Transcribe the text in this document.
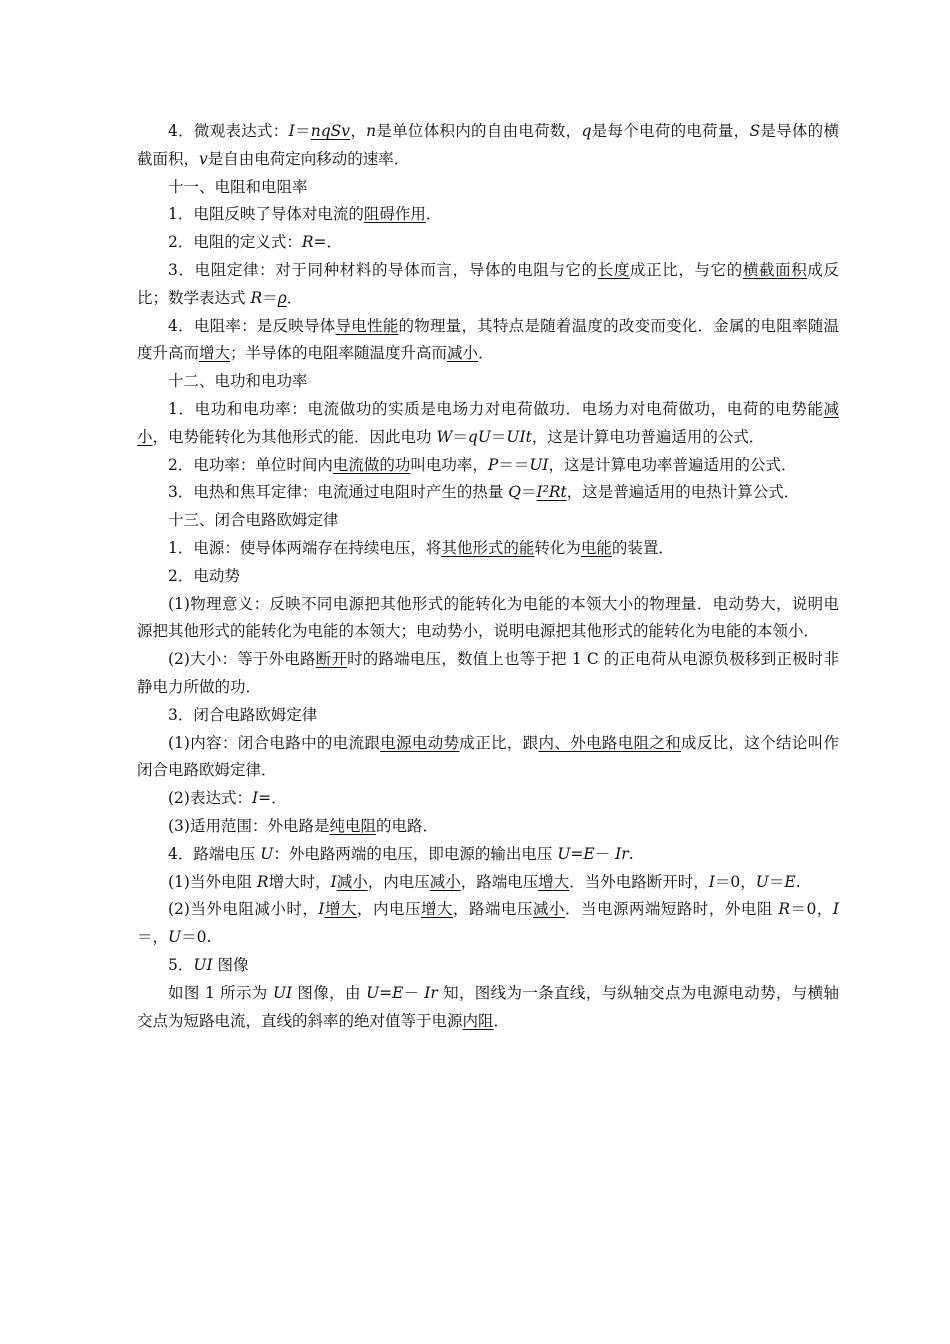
4．微观表达式：I＝nqSv，n是单位体积内的自由电荷数，q是每个电荷的电荷量，S是导体的横截面积，v是自由电荷定向移动的速率．

十一、电阻和电阻率

1．电阻反映了导体对电流的阻碍作用．

2．电阻的定义式：R=．

3．电阻定律：对于同种材料的导体而言，导体的电阻与它的长度成正比，与它的横截面积成反比；数学表达式 R＝ρ．

4．电阻率：是反映导体导电性能的物理量，其特点是随着温度的改变而变化．金属的电阻率随温度升高而增大；半导体的电阻率随温度升高而减小．

十二、电功和电功率

1．电功和电功率：电流做功的实质是电场力对电荷做功．电场力对电荷做功，电荷的电势能减小，电势能转化为其他形式的能．因此电功 W＝qU＝UIt，这是计算电功普遍适用的公式．

2．电功率：单位时间内电流做的功叫电功率，P＝＝UI，这是计算电功率普遍适用的公式．

3．电热和焦耳定律：电流通过电阻时产生的热量 Q＝I²Rt，这是普遍适用的电热计算公式．

十三、闭合电路欧姆定律

1．电源：使导体两端存在持续电压，将其他形式的能转化为电能的装置．

2．电动势

(1)物理意义：反映不同电源把其他形式的能转化为电能的本领大小的物理量．电动势大，说明电源把其他形式的能转化为电能的本领大；电动势小，说明电源把其他形式的能转化为电能的本领小．

(2)大小：等于外电路断开时的路端电压，数值上也等于把 1 C 的正电荷从电源负极移到正极时非静电力所做的功．

3．闭合电路欧姆定律

(1)内容：闭合电路中的电流跟电源电动势成正比，跟内、外电路电阻之和成反比，这个结论叫作闭合电路欧姆定律．

(2)表达式：I=．

(3)适用范围：外电路是纯电阻的电路．

4．路端电压 U：外电路两端的电压，即电源的输出电压 U=E－ Ir.

(1)当外电阻 R增大时，I减小，内电压减小，路端电压增大．当外电路断开时，I＝0，U＝E.

(2)当外电阻减小时，I增大，内电压增大，路端电压减小．当电源两端短路时，外电阻 R＝0，I＝，U＝0.

5．UI 图像

如图 1 所示为 UI 图像，由 U=E－ Ir 知，图线为一条直线，与纵轴交点为电源电动势，与横轴交点为短路电流，直线的斜率的绝对值等于电源内阻．
